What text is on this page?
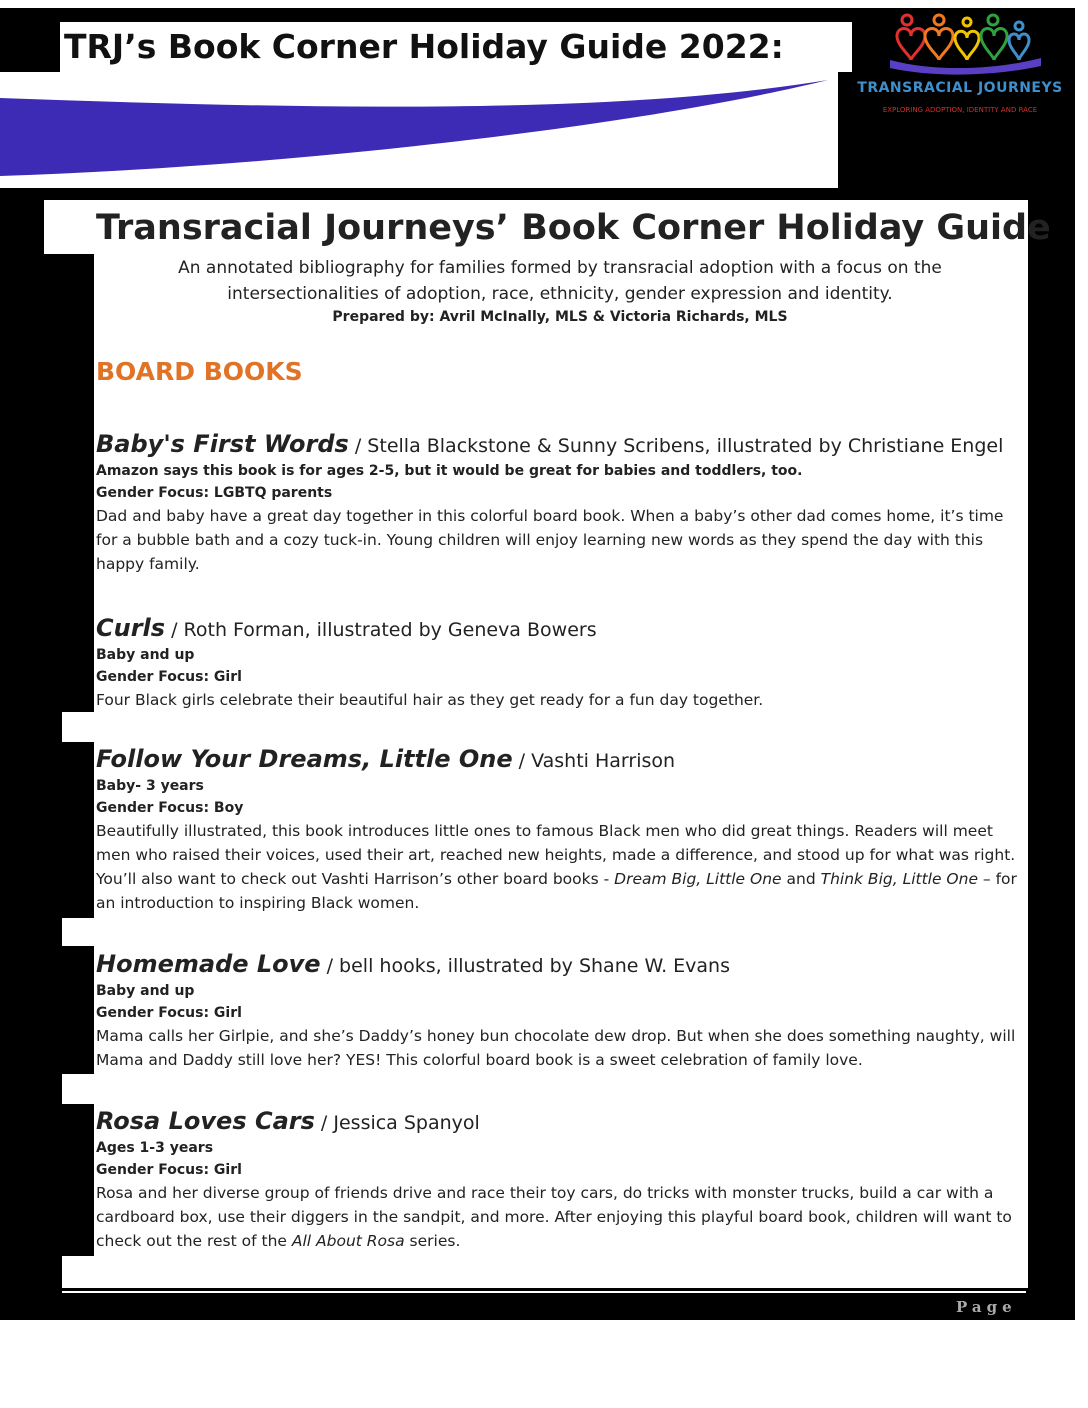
TRJ’s Book Corner Holiday Guide 2022:
TRANSRACIAL JOURNEYS
EXPLORING ADOPTION, IDENTITY AND RACE
Transracial Journeys’ Book Corner Holiday Guide
An annotated bibliography for families formed by transracial adoption with a focus on the
intersectionalities of adoption, race, ethnicity, gender expression and identity.
Prepared by: Avril McInally, MLS & Victoria Richards, MLS
BOARD BOOKS
Baby's First Words / Stella Blackstone & Sunny Scribens, illustrated by Christiane Engel
Amazon says this book is for ages 2-5, but it would be great for babies and toddlers, too.
Gender Focus: LGBTQ parents

Dad and baby have a great day together in this colorful board book. When a baby’s other dad comes home, it’s time for a bubble bath and a cozy tuck-in. Young children will enjoy learning new words as they spend the day with this happy family.

Curls / Roth Forman, illustrated by Geneva Bowers
Baby and up
Gender Focus: Girl

Four Black girls celebrate their beautiful hair as they get ready for a fun day together.

Follow Your Dreams, Little One / Vashti Harrison
Baby- 3 years
Gender Focus: Boy

Beautifully illustrated, this book introduces little ones to famous Black men who did great things. Readers will meet men who raised their voices, used their art, reached new heights, made a difference, and stood up for what was right. You’ll also want to check out Vashti Harrison’s other board books - Dream Big, Little One and Think Big, Little One – for an introduction to inspiring Black women.

Homemade Love / bell hooks, illustrated by Shane W. Evans
Baby and up
Gender Focus: Girl

Mama calls her Girlpie, and she’s Daddy’s honey bun chocolate dew drop. But when she does something naughty, will Mama and Daddy still love her? YES! This colorful board book is a sweet celebration of family love.

Rosa Loves Cars / Jessica Spanyol
Ages 1-3 years
Gender Focus: Girl

Rosa and her diverse group of friends drive and race their toy cars, do tricks with monster trucks, build a car with a cardboard box, use their diggers in the sandpit, and more. After enjoying this playful board book, children will want to check out the rest of the All About Rosa series.

Page
